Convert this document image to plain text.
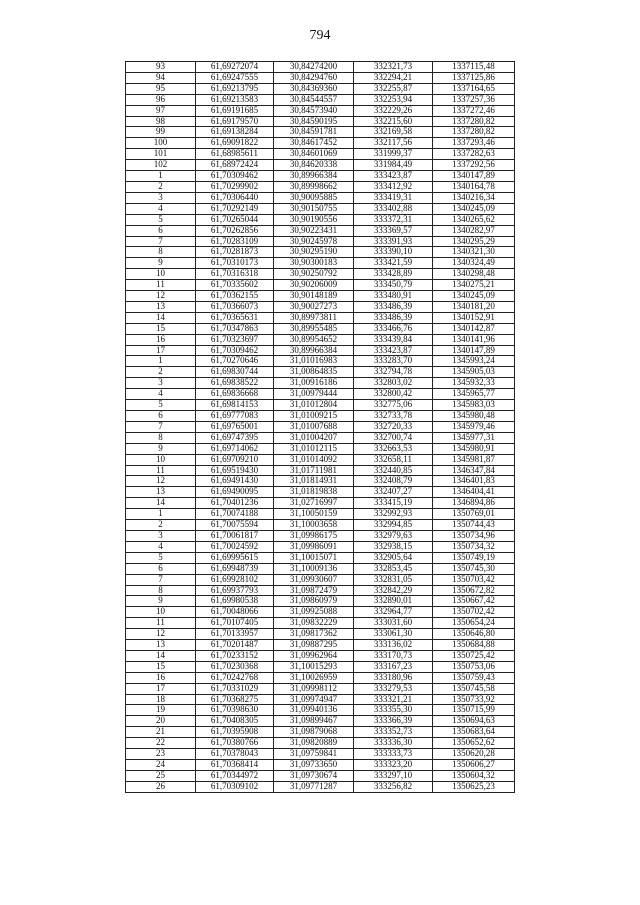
794
93	61,69272074	30,84274200	332321,73	1337115,48
94	61,69247555	30,84294760	332294,21	1337125,86
95	61,69213795	30,84369360	332255,87	1337164,65
96	61,69213583	30,84544557	332253,94	1337257,36
97	61,69191685	30,84573940	332229,26	1337272,46
98	61,69179570	30,84590195	332215,60	1337280,82
99	61,69138284	30,84591781	332169,58	1337280,82
100	61,69091822	30,84617452	332117,56	1337293,46
101	61,68985611	30,84601069	331999,37	1337282,63
102	61,68972424	30,84620338	331984,49	1337292,56
1	61,70309462	30,89966384	333423,87	1340147,89
2	61,70299902	30,89998662	333412,92	1340164,78
3	61,70306440	30,90095885	333419,31	1340216,34
4	61,70292149	30,90150755	333402,88	1340245,09
5	61,70265044	30,90190556	333372,31	1340265,62
6	61,70262856	30,90223431	333369,57	1340282,97
7	61,70283109	30,90245978	333391,93	1340295,29
8	61,70281873	30,90295190	333390,10	1340321,30
9	61,70310173	30,90300183	333421,59	1340324,49
10	61,70316318	30,90250792	333428,89	1340298,48
11	61,70335602	30,90206009	333450,79	1340275,21
12	61,70362155	30,90148189	333480,91	1340245,09
13	61,70366073	30,90027273	333486,39	1340181,20
14	61,70365631	30,89973811	333486,39	1340152,91
15	61,70347863	30,89955485	333466,76	1340142,87
16	61,70323697	30,89954652	333439,84	1340141,96
17	61,70309462	30,89966384	333423,87	1340147,89
1	61,70270646	31,01016983	333283,70	1345993,24
2	61,69830744	31,00864835	332794,78	1345905,03
3	61,69838522	31,00916186	332803,02	1345932,33
4	61,69836668	31,00979444	332800,42	1345965,77
5	61,69814153	31,01012804	332775,06	1345983,03
6	61,69777083	31,01009215	332733,78	1345980,48
7	61,69765001	31,01007688	332720,33	1345979,46
8	61,69747395	31,01004207	332700,74	1345977,31
9	61,69714062	31,01012115	332663,53	1345980,91
10	61,69709210	31,01014092	332658,11	1345981,87
11	61,69519430	31,01711981	332440,85	1346347,84
12	61,69491430	31,01814931	332408,79	1346401,83
13	61,69490095	31,01819838	332407,27	1346404,41
14	61,70401236	31,02716997	333415,19	1346894,86
1	61,70074188	31,10050159	332992,93	1350769,01
2	61,70075594	31,10003658	332994,85	1350744,43
3	61,70061817	31,09986175	332979,63	1350734,96
4	61,70024592	31,09986091	332938,15	1350734,32
5	61,69995615	31,10015071	332905,64	1350749,19
6	61,69948739	31,10009136	332853,45	1350745,30
7	61,69928102	31,09930607	332831,05	1350703,42
8	61,69937793	31,09872479	332842,29	1350672,82
9	61,69980538	31,09860979	332890,01	1350667,42
10	61,70048066	31,09925088	332964,77	1350702,42
11	61,70107405	31,09832229	333031,60	1350654,24
12	61,70133957	31,09817362	333061,30	1350646,80
13	61,70201487	31,09887295	333136,02	1350684,88
14	61,70233152	31,09962964	333170,73	1350725,42
15	61,70230368	31,10015293	333167,23	1350753,06
16	61,70242768	31,10026959	333180,96	1350759,43
17	61,70331029	31,09998112	333279,53	1350745,58
18	61,70368275	31,09974947	333321,21	1350733,92
19	61,70398630	31,09940136	333355,30	1350715,99
20	61,70408305	31,09899467	333366,39	1350694,63
21	61,70395908	31,09879068	333352,73	1350683,64
22	61,70380766	31,09820889	333336,30	1350652,62
23	61,70378043	31,09759841	333333,73	1350620,28
24	61,70368414	31,09733650	333323,20	1350606,27
25	61,70344972	31,09730674	333297,10	1350604,32
26	61,70309102	31,09771287	333256,82	1350625,23
